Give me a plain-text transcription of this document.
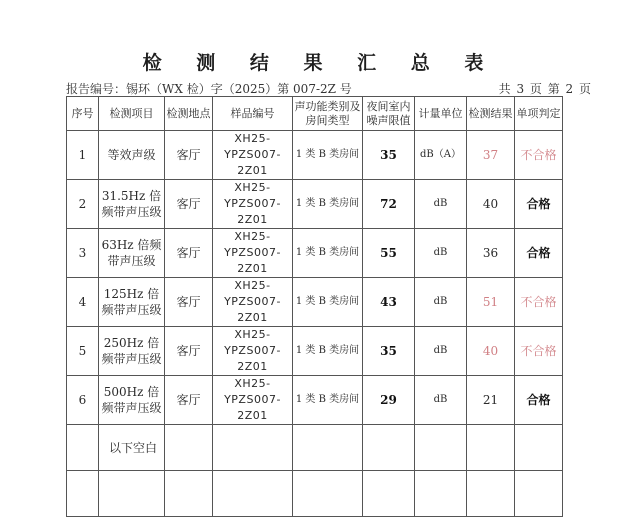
检 测 结 果 汇 总 表
报告编号：锡环（WX 检）字（2025）第 007-2Z 号	共 3 页 第 2 页
序号	检测项目	检测地点	样品编号	声功能类别及房间类型	夜间室内噪声限值	计量单位	检测结果	单项判定
1	等效声级	客厅	XH25-YPZS007-2Z01	1 类 B 类房间	35	dB（A）	37	不合格
2	31.5Hz 倍频带声压级	客厅	XH25-YPZS007-2Z01	1 类 B 类房间	72	dB	40	合格
3	63Hz 倍频带声压级	客厅	XH25-YPZS007-2Z01	1 类 B 类房间	55	dB	36	合格
4	125Hz 倍频带声压级	客厅	XH25-YPZS007-2Z01	1 类 B 类房间	43	dB	51	不合格
5	250Hz 倍频带声压级	客厅	XH25-YPZS007-2Z01	1 类 B 类房间	35	dB	40	不合格
6	500Hz 倍频带声压级	客厅	XH25-YPZS007-2Z01	1 类 B 类房间	29	dB	21	合格
	以下空白							
